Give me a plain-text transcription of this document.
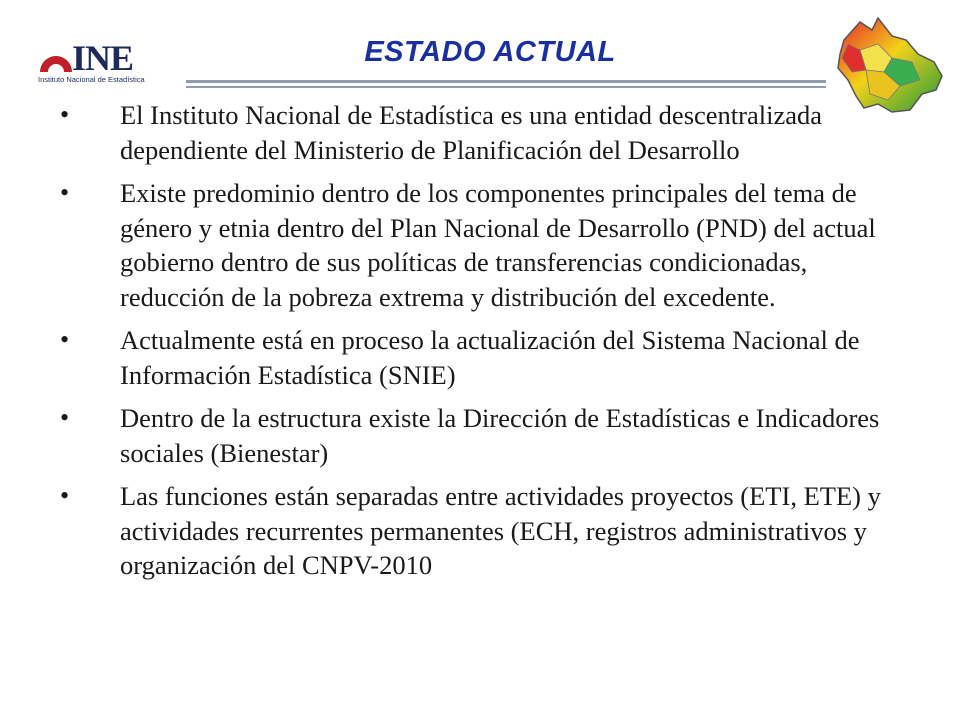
INE
Instituto Nacional de Estadística
ESTADO ACTUAL
• El Instituto Nacional de Estadística es una entidad descentralizada dependiente del Ministerio de Planificación del Desarrollo
• Existe predominio dentro de los componentes principales del tema de género y etnia dentro del Plan Nacional de Desarrollo (PND) del actual gobierno dentro de sus políticas de transferencias condicionadas, reducción de la pobreza extrema y distribución del excedente.
• Actualmente está en proceso la actualización del Sistema Nacional de Información Estadística (SNIE)
• Dentro de la estructura existe la Dirección de Estadísticas e Indicadores sociales (Bienestar)
• Las funciones están separadas entre actividades proyectos (ETI, ETE) y actividades recurrentes permanentes (ECH, registros administrativos y organización del CNPV-2010
